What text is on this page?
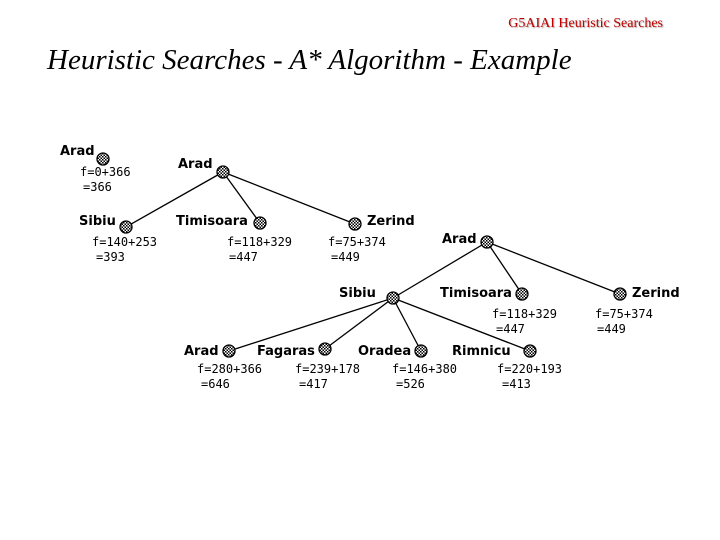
G5AIAI Heuristic Searches
Heuristic Searches - A* Algorithm - Example
Arad
f=0+366
=366
Arad
Sibiu	Timisoara	Zerind
f=140+253
=393
f=118+329
=447
f=75+374
=449
Arad
Sibiu	Timisoara	Zerind
Arad	Fagaras	Oradea	Rimnicu
f=118+329
=447
f=75+374
=449
f=280+366
=646
f=239+178
=417
f=146+380
=526
f=220+193
=413
